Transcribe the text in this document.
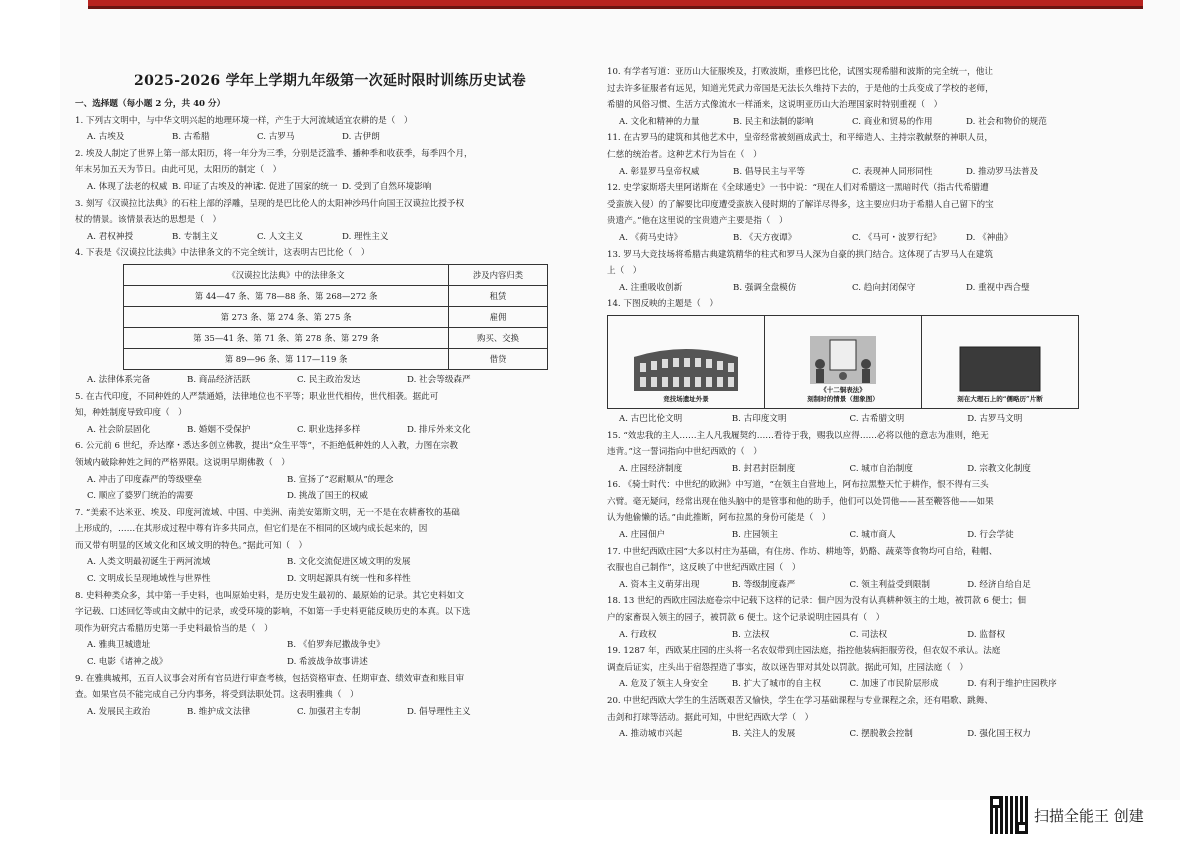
2025-2026 学年上学期九年级第一次延时限时训练历史试卷
一、选择题（每小题 2 分，共 40 分）
1. 下列古文明中，与中华文明兴起的地理环境一样，产生于大河流域适宜农耕的是（　）
A. 古埃及	B. 古希腊	C. 古罗马	D. 古伊朗
2. 埃及人制定了世界上第一部太阳历，将一年分为三季，分别是泛滥季、播种季和收获季，每季四个月，
年末另加五天为节日。由此可见，太阳历的制定（　）
A. 体现了法老的权威 B. 印证了古埃及的神话
C. 促进了国家的统一 D. 受到了自然环境影响
3. 刻写《汉谟拉比法典》的石柱上部的浮雕，呈现的是巴比伦人的太阳神沙玛什向国王汉谟拉比授予权
杖的情景。该情景表达的思想是（　）
A. 君权神授	B. 专制主义	C. 人文主义	D. 理性主义
4. 下表是《汉谟拉比法典》中法律条文的不完全统计，这表明古巴比伦（　）
《汉谟拉比法典》中的法律条文	涉及内容归类
第 44—47 条、第 78—88 条、第 268—272 条	租赁
第 273 条、第 274 条、第 275 条	雇佣
第 35—41 条、第 71 条、第 278 条、第 279 条	购买、交换
第 89—96 条、第 117—119 条	借贷
A. 法律体系完备	B. 商品经济活跃	C. 民主政治发达	D. 社会等级森严
5. 在古代印度，不同种姓的人严禁通婚，法律地位也不平等；职业世代相传，世代相袭。据此可
知，种姓制度导致印度（　）
A. 社会阶层固化	B. 婚姻不受保护	C. 职业选择多样	D. 排斥外来文化
6. 公元前 6 世纪，乔达摩・悉达多创立佛教，提出“众生平等”，不拒绝低种姓的人入教，力图在宗教
领域内破除种姓之间的严格界限。这说明早期佛教（　）
A. 冲击了印度森严的等级壁垒	B. 宣扬了“忍耐顺从”的理念
C. 顺应了婆罗门统治的需要	D. 挑战了国王的权威
7. “美索不达米亚、埃及、印度河流域、中国、中美洲、南美安第斯文明，无一不是在农耕畜牧的基础
上形成的，……在其形成过程中尊有许多共同点，但它们是在不相同的区域内成长起来的，因
而又带有明显的区域文化和区域文明的特色。”据此可知（　）
A. 人类文明最初诞生于两河流域	B. 文化交流促进区域文明的发展
C. 文明成长呈现地域性与世界性	D. 文明起源具有统一性和多样性
8. 史料种类众多，其中第一手史料，也叫原始史料，是历史发生最初的、最原始的记录。其它史料如文
字记载、口述回忆等或由文献中的记录，或受环境的影响，不如第一手史料更能反映历史的本真。以下选
项作为研究古希腊历史第一手史料最恰当的是（　）
A. 雅典卫城遗址	B. 《伯罗奔尼撒战争史》
C. 电影《诸神之战》	D. 希波战争故事讲述
9. 在雅典城邦，五百人议事会对所有官员进行审查考核，包括资格审查、任期审查、绩效审查和账目审
查。如果官员不能完成自己分内事务，将受到法职处罚。这表明雅典（　）
A. 发展民主政治	B. 维护成文法律	C. 加强君主专制	D. 倡导理性主义
10. 有学者写道：亚历山大征服埃及，打败波斯，重修巴比伦，试图实现希腊和波斯的完全统一，他让
过去许多征服者有远见，知道光凭武力帝国是无法长久维持下去的，于是他的士兵变成了学校的老师，
希腊的风俗习惯、生活方式像流水一样涌来，这说明亚历山大治理国家时特别重视（　）
A. 文化和精神的力量	B. 民主和法制的影响	C. 商业和贸易的作用	D. 社会和物价的规范
11. 在古罗马的建筑和其他艺术中，皇帝经常被刻画成武士，和平缔造人、主持宗教献祭的神职人员，
仁慈的统治者。这种艺术行为旨在（　）
A. 彰显罗马皇帝权威	B. 倡导民主与平等	C. 表现神人同形同性	D. 推动罗马法普及
12. 史学家斯塔夫里阿诺斯在《全球通史》一书中说：“现在人们对希腊这一黑暗时代（指古代希腊遭
受蛮族入侵）的了解要比印度遭受蛮族入侵时期的了解详尽得多，这主要应归功于希腊人自己留下的宝
贵遗产。”他在这里说的宝贵遗产主要是指（　）
A. 《荷马史诗》	B. 《天方夜谭》	C. 《马可・波罗行纪》	D. 《神曲》
13. 罗马大竞技场将希腊古典建筑精华的柱式和罗马人深为自豪的拱门结合。这体现了古罗马人在建筑
上（　）
A. 注重吸收创新	B. 强调全盘模仿	C. 趋向封闭保守	D. 重视中西合璧
14. 下图反映的主题是（　）
竞技场遗址外景
《十二铜表法》
刻制时的情景（想象图）	刻在大理石上的“儒略历”片断
A. 古巴比伦文明	B. 古印度文明	C. 古希腊文明	D. 古罗马文明
15. “效忠我的主人……主人凡我履契约……看待于我，赐我以应得……必将以他的意志为准则，绝无
违背。”这一誓词指向中世纪西欧的（　）
A. 庄园经济制度	B. 封君封臣制度	C. 城市自治制度	D. 宗教文化制度
16. 《骑士时代：中世纪的欧洲》中写道，“在领主自营地上，阿布拉黑整天忙于耕作，恨不得有三头
六臂。毫无疑问，经常出现在他头脑中的是管事和他的助手，他们可以处罚他——甚至鞭答他——如果
认为他偷懒的话。”由此推断，阿布拉黑的身份可能是（　）
A. 庄园佃户	B. 庄园领主	C. 城市商人	D. 行会学徒
17. 中世纪西欧庄园“大多以村庄为基础，有住房、作坊、耕地等，奶酪、蔬菜等食物均可自给，鞋帽、
衣服也自己制作”，这反映了中世纪西欧庄园（　）
A. 资本主义萌芽出现	B. 等级制度森严	C. 领主利益受到限制	D. 经济自给自足
18. 13 世纪的西欧庄园法庭卷宗中记载下这样的记录：佃户因为没有认真耕种领主的土地，被罚款 6 便士；佃
户的家畜误入领主的园子，被罚款 6 便士。这个记录说明庄园具有（　）
A. 行政权	B. 立法权	C. 司法权	D. 监督权
19. 1287 年，西欧某庄园的庄头将一名农奴带到庄园法庭，指控他装病拒服劳役，但农奴不承认。法庭
调查后证实，庄头出于宿怨捏造了事实，故以诬告罪对其处以罚款。据此可知，庄园法庭（　）
A. 危及了领主人身安全	B. 扩大了城市的自主权	C. 加速了市民阶层形成	D. 有利于维护庄园秩序
20. 中世纪西欧大学生的生活既艰苦又愉快，学生在学习基础课程与专业课程之余，还有唱歌、跳舞、
击剑和打球等活动。据此可知，中世纪西欧大学（　）
A. 推动城市兴起	B. 关注人的发展	C. 摆脱教会控制	D. 强化国王权力
扫描全能王 创建
